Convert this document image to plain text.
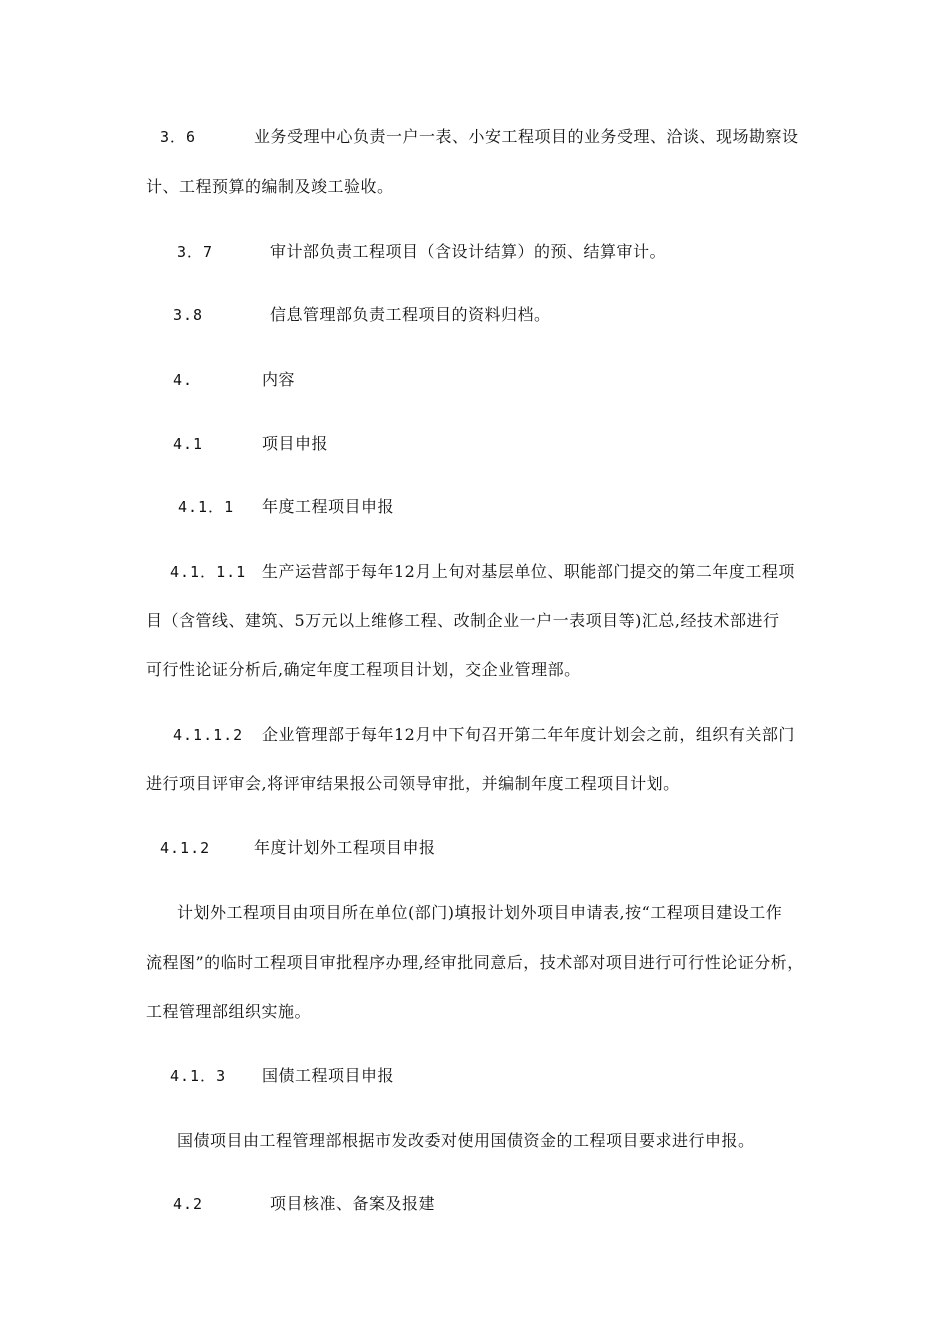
3．6	业务受理中心负责一户一表、小安工程项目的业务受理、洽谈、现场勘察设
计、工程预算的编制及竣工验收。
3．7	审计部负责工程项目（含设计结算）的预、结算审计。
3.8	信息管理部负责工程项目的资料归档。
4.	内容
4.1	项目申报
4.1．1 年度工程项目申报
4.1．1.1 生产运营部于每年12月上旬对基层单位、职能部门提交的第二年度工程项
目（含管线、建筑、5万元以上维修工程、改制企业一户一表项目等)汇总,经技术部进行
可行性论证分析后,确定年度工程项目计划，交企业管理部。
4.1.1.2 企业管理部于每年12月中下旬召开第二年年度计划会之前，组织有关部门
进行项目评审会,将评审结果报公司领导审批，并编制年度工程项目计划。
4.1.2	年度计划外工程项目申报
计划外工程项目由项目所在单位(部门)填报计划外项目申请表,按“工程项目建设工作
流程图”的临时工程项目审批程序办理,经审批同意后，技术部对项目进行可行性论证分析，
工程管理部组织实施。
4.1．3 国债工程项目申报
国债项目由工程管理部根据市发改委对使用国债资金的工程项目要求进行申报。
4.2	项目核准、备案及报建
